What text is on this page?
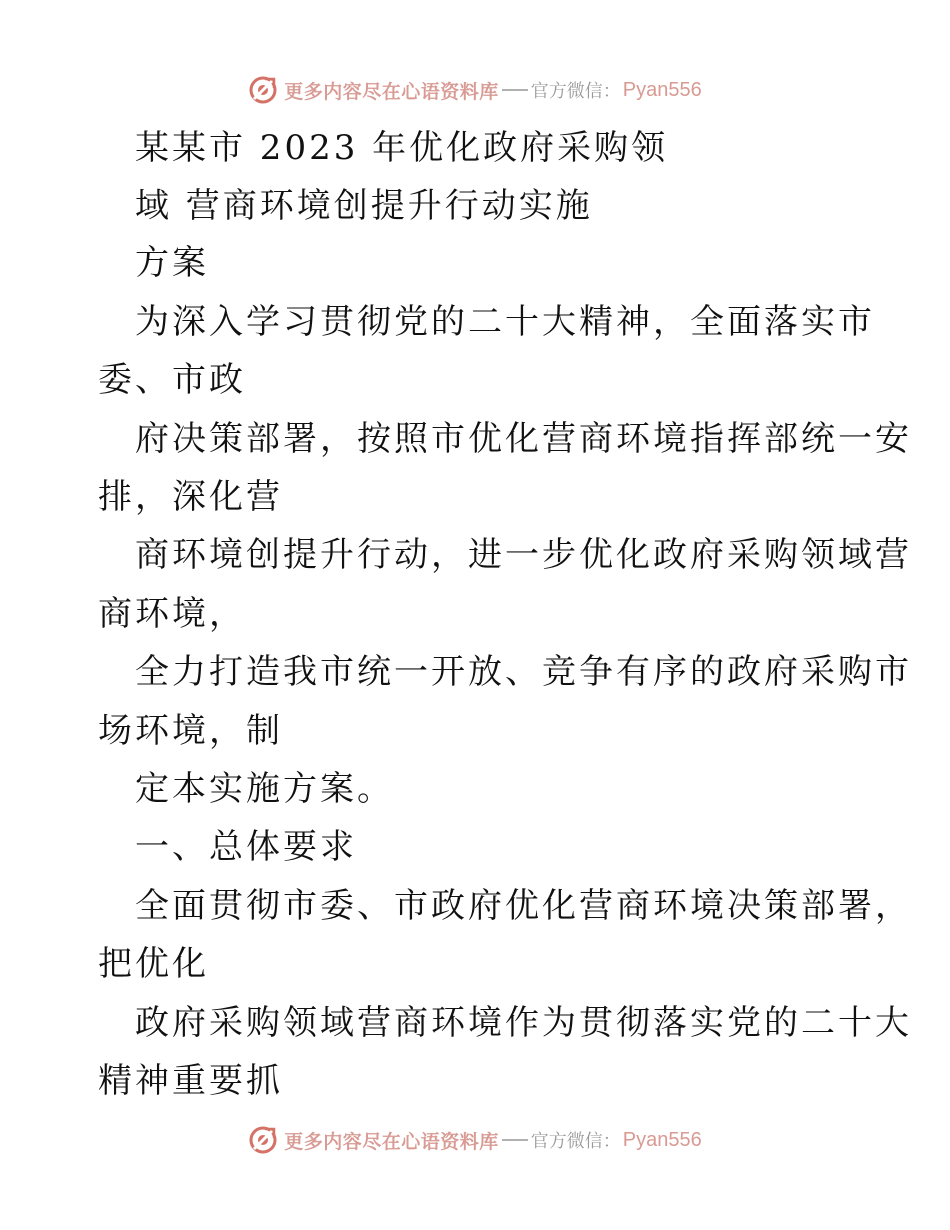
更多内容尽在心语资料库 官方微信： Pyan556
某某市 2023 年优化政府采购领
域 营商环境创提升行动实施
方案
为深入学习贯彻党的二十大精神，全面落实市
委、市政
府决策部署，按照市优化营商环境指挥部统一安
排，深化营
商环境创提升行动，进一步优化政府采购领域营
商环境，
全力打造我市统一开放、竞争有序的政府采购市
场环境，制
定本实施方案。
一、总体要求
全面贯彻市委、市政府优化营商环境决策部署，
把优化
政府采购领域营商环境作为贯彻落实党的二十大
精神重要抓
更多内容尽在心语资料库 官方微信： Pyan556
